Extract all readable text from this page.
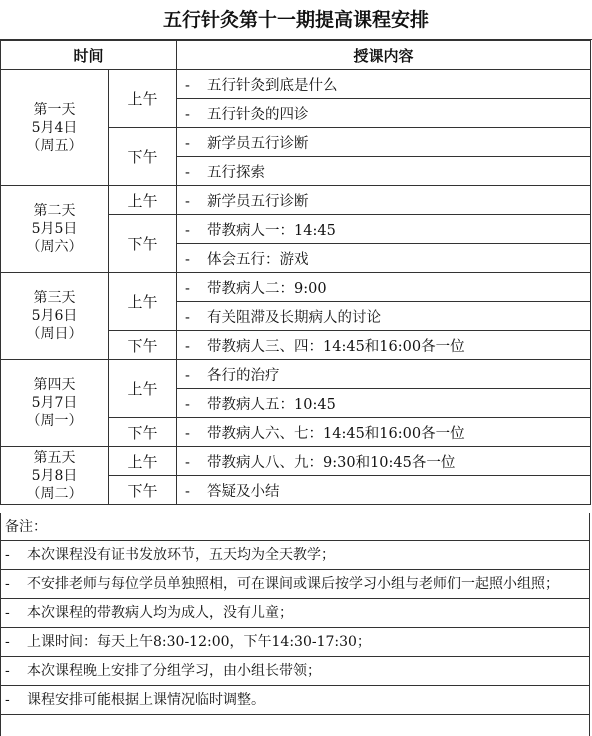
五行针灸第十一期提高课程安排
时间		授课内容

第一天
5月4日
（周五）	上午	- 五行针灸到底是什么
		- 五行针灸的四诊
	下午	- 新学员五行诊断
		- 五行探索

第二天
5月5日
（周六）	上午	- 新学员五行诊断
	下午	- 带教病人一：14:45
		- 体会五行：游戏

第三天
5月6日
（周日）	上午	- 带教病人二：9:00
		- 有关阻滞及长期病人的讨论
	下午	- 带教病人三、四：14:45和16:00各一位

第四天
5月7日
（周一）	上午	- 各行的治疗
		- 带教病人五：10:45
	下午	- 带教病人六、七：14:45和16:00各一位

第五天
5月8日
（周二）	上午	- 带教病人八、九：9:30和10:45各一位
	下午	- 答疑及小结
备注：
- 本次课程没有证书发放环节，五天均为全天教学；
- 不安排老师与每位学员单独照相，可在课间或课后按学习小组与老师们一起照小组照；
- 本次课程的带教病人均为成人，没有儿童；
- 上课时间：每天上午8:30-12:00，下午14:30-17:30；
- 本次课程晚上安排了分组学习，由小组长带领；
- 课程安排可能根据上课情况临时调整。
